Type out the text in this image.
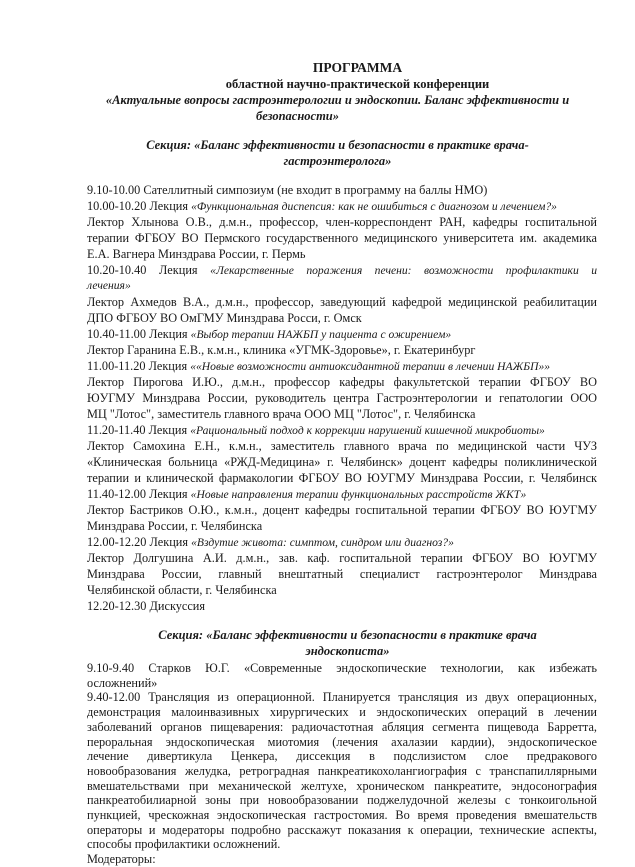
ПРОГРАММА
областной научно-практической конференции
«Актуальные вопросы гастроэнтерологии и эндоскопии. Баланс эффективности и
безопасности»
Секция: «Баланс эффективности и безопасности в практике врача-
гастроэнтеролога»
9.10-10.00 Сателлитный симпозиум (не входит в программу на баллы НМО)
10.00-10.20 Лекция «Функциональная диспепсия: как не ошибиться с диагнозом и лечением?»
Лектор Хлынова О.В., д.м.н., профессор, член-корреспондент РАН, кафедры госпитальной
терапии ФГБОУ ВО Пермского государственного медицинского университета им. академика
Е.А. Вагнера Минздрава России, г. Пермь
10.20-10.40 Лекция «Лекарственные поражения печени: возможности профилактики и
лечения»
Лектор Ахмедов В.А., д.м.н., профессор, заведующий кафедрой медицинской реабилитации
ДПО ФГБОУ ВО ОмГМУ Минздрава Росси, г. Омск
10.40-11.00 Лекция «Выбор терапии НАЖБП у пациента с ожирением»
Лектор Гаранина Е.В., к.м.н., клиника «УГМК-Здоровье», г. Екатеринбург
11.00-11.20 Лекция ««Новые возможности антиоксидантной терапии в лечении НАЖБП»»
Лектор Пирогова И.Ю., д.м.н., профессор кафедры факультетской терапии ФГБОУ ВО
ЮУГМУ Минздрава России, руководитель центра Гастроэнтерологии и гепатологии ООО
МЦ "Лотос", заместитель главного врача ООО МЦ "Лотос", г. Челябинска
11.20-11.40 Лекция «Рациональный подход к коррекции нарушений кишечной микробиоты»
Лектор Самохина Е.Н., к.м.н., заместитель главного врача по медицинской части ЧУЗ
«Клиническая больница «РЖД-Медицина» г. Челябинск» доцент кафедры поликлинической
терапии и клинической фармакологии ФГБОУ ВО ЮУГМУ Минздрава России, г. Челябинск
11.40-12.00 Лекция «Новые направления терапии функциональных расстройств ЖКТ»
Лектор Бастриков О.Ю., к.м.н., доцент кафедры госпитальной терапии ФГБОУ ВО ЮУГМУ
Минздрава России, г. Челябинска
12.00-12.20 Лекция «Вздутие живота: симптом, синдром или диагноз?»
Лектор Долгушина А.И. д.м.н., зав. каф. госпитальной терапии ФГБОУ ВО ЮУГМУ
Минздрава России, главный внештатный специалист гастроэнтеролог Минздрава
Челябинской области, г. Челябинска
12.20-12.30 Дискуссия
Секция: «Баланс эффективности и безопасности в практике врача
эндоскописта»
9.10-9.40 Старков Ю.Г. «Современные эндоскопические технологии, как избежать
осложнений»
9.40-12.00 Трансляция из операционной. Планируется трансляция из двух операционных,
демонстрация малоинвазивных хирургических и эндоскопических операций в лечении
заболеваний органов пищеварения: радиочастотная абляция сегмента пищевода Барретта,
пероральная эндоскопическая миотомия (лечения ахалазии кардии), эндоскопическое
лечение дивертикула Ценкера, диссекция в подслизистом слое предракового
новообразования желудка, ретроградная панкреатикохолангиография с транспапиллярными
вмешательствами при механической желтухе, хроническом панкреатите, эндосонография
панкреатобилиарной зоны при новообразовании поджелудочной железы с тонкоигольной
пункцией, чрескожная эндоскопическая гастростомия. Во время проведения вмешательств
операторы и модераторы подробно расскажут показания к операции, технические аспекты,
способы профилактики осложнений.
Модераторы:
